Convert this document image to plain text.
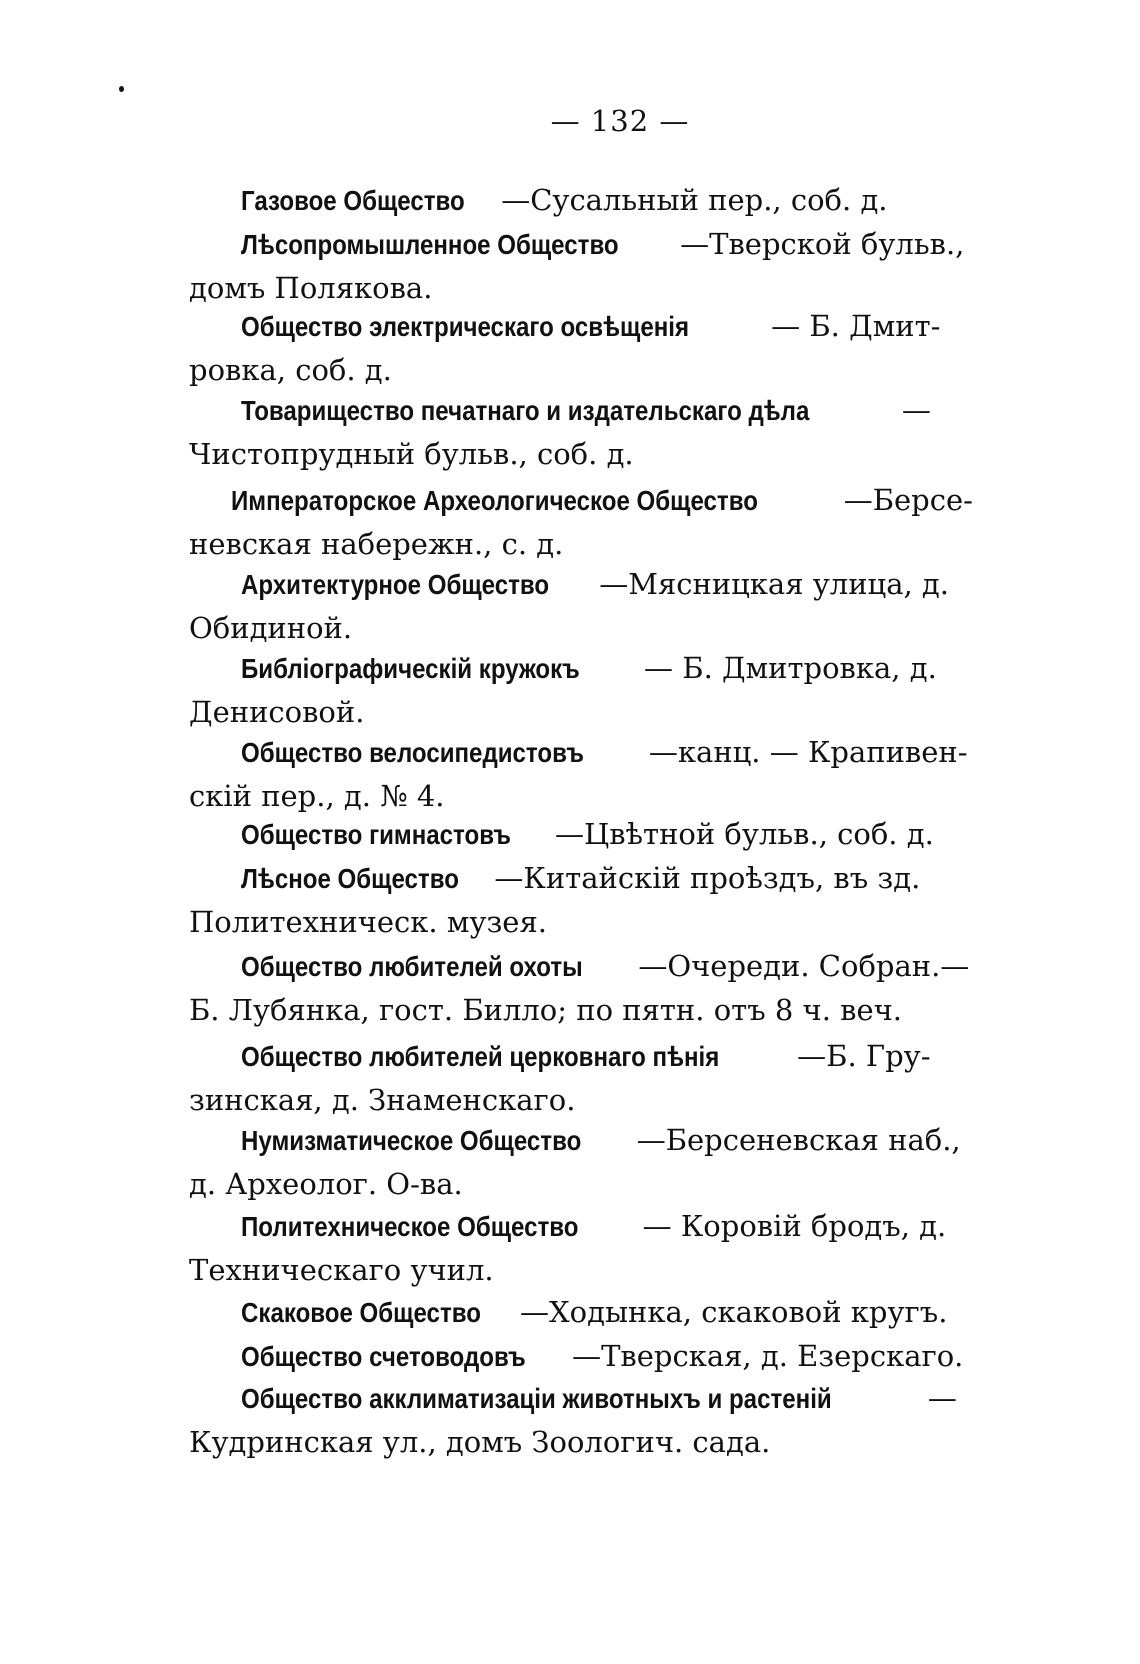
— 132 —
Газовое Общество —Сусальный пер., соб. д.
Лѣсопромышленное Общество —Тверской бульв.,
домъ Полякова.
Общество электрическаго освѣщенія	— Б. Дмит-
ровка, соб. д.
Товарищество печатнаго и издательскаго дѣла	—
Чистопрудный бульв., соб. д.
Императорское Археологическое Общество	—Берсе-
невская набережн., с. д.
Архитектурное Общество —Мясницкая улица, д.
Обидиной.
Библіографическій кружокъ — Б. Дмитровка, д.
Денисовой.
Общество велосипедистовъ —канц. — Крапивен-
скій пер., д. № 4.
Общество гимнастовъ —Цвѣтной бульв., соб. д.
Лѣсное Общество —Китайскій проѣздъ, въ зд.
Политехническ. музея.
Общество любителей охоты —Очереди. Собран.—
Б. Лубянка, гост. Билло; по пятн. отъ 8 ч. веч.
Общество любителей церковнаго пѣнія	—Б. Гру-
зинская, д. Знаменскаго.
Нумизматическое Общество —Берсеневская наб.,
д. Археолог. О-ва.
Политехническое Общество — Коровій бродъ, д.
Техническаго учил.
Скаковое Общество —Ходынка, скаковой кругъ.
Общество счетоводовъ —Тверская, д. Езерскаго.
Общество акклиматизаціи животныхъ и растеній	—
Кудринская ул., домъ Зоологич. сада.
